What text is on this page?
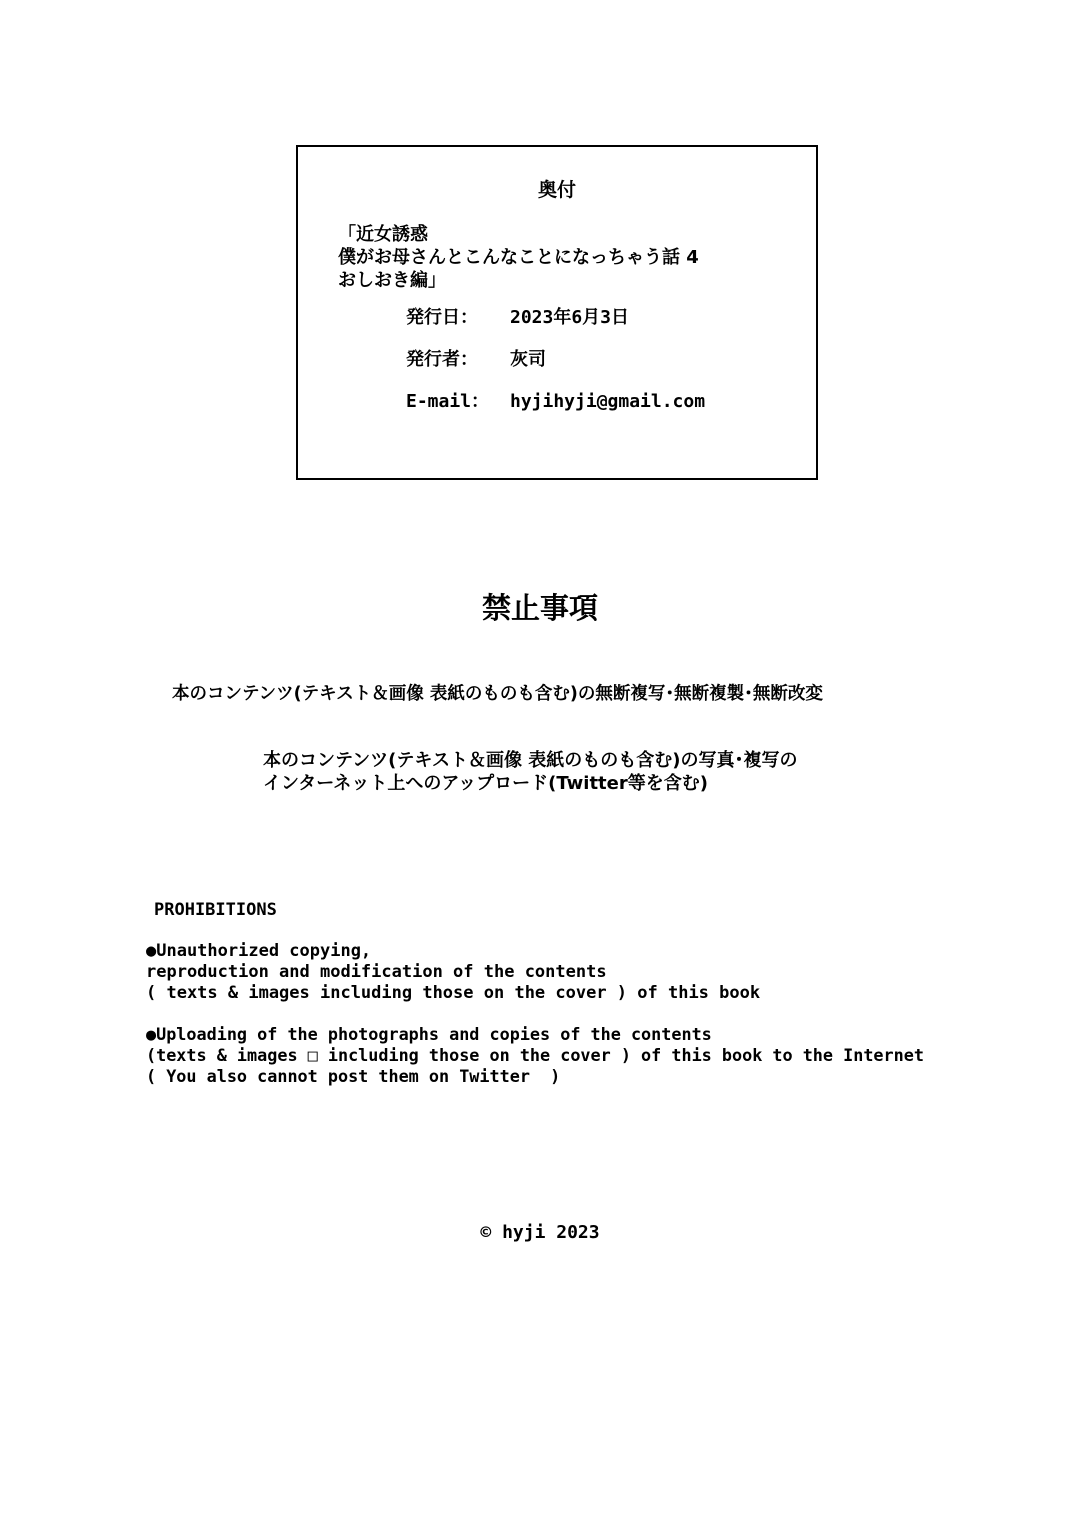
奥付
「近女誘惑
僕がお母さんとこんなことになっちゃう話 4
おしおき編」
発行日： 2023年6月3日
発行者： 灰司
E-mail： hyjihyji@gmail.com
禁止事項
本のコンテンツ(テキスト＆画像 表紙のものも含む)の無断複写･無断複製･無断改変
本のコンテンツ(テキスト＆画像 表紙のものも含む)の写真･複写の
インターネット上へのアップロード(Twitter等を含む)
PROHIBITIONS
●Unauthorized copying,
reproduction and modification of the contents
( texts & images including those on the cover ) of this book
●Uploading of the photographs and copies of the contents
(texts & images □ including those on the cover ) of this book to the Internet
( You also cannot post them on Twitter  )
© hyji 2023
